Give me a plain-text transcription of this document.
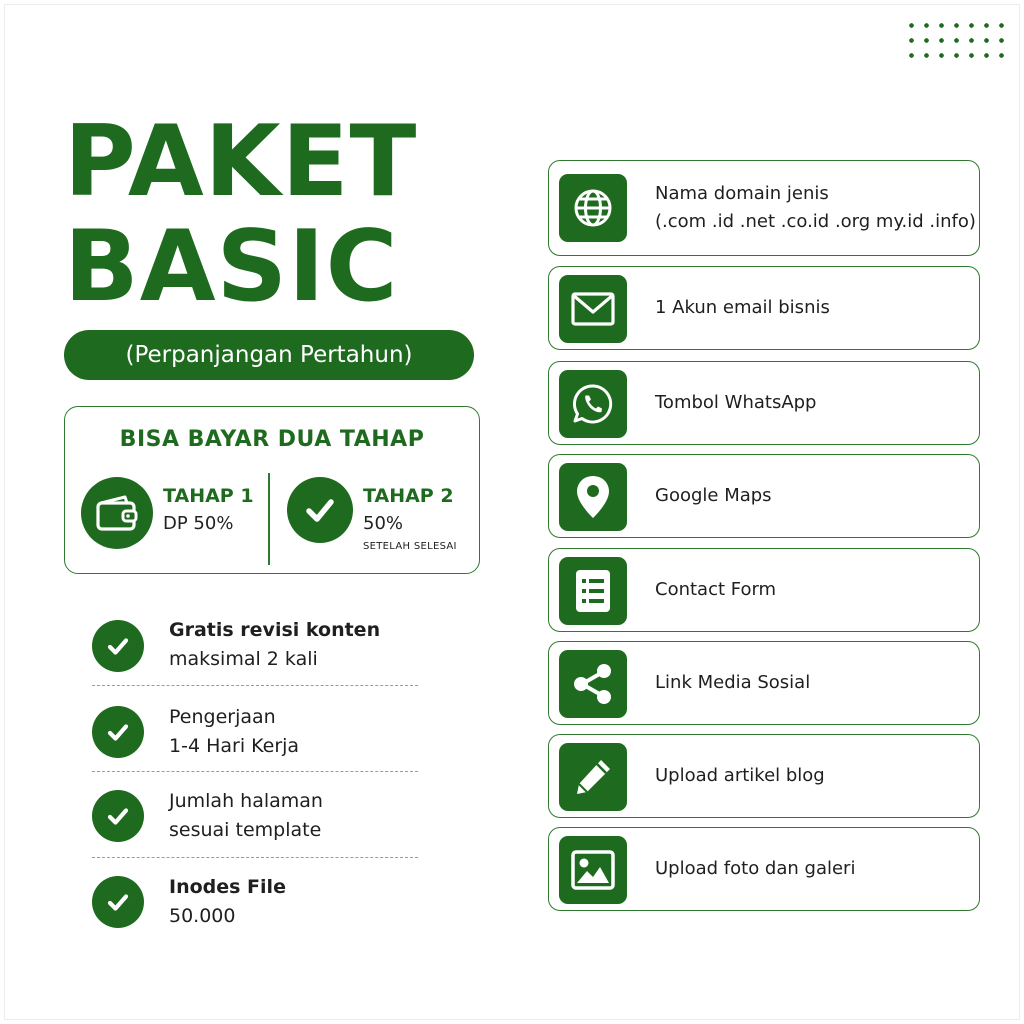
PAKET
BASIC
(Perpanjangan Pertahun)
BISA BAYAR DUA TAHAP
TAHAP 1
DP 50%
TAHAP 2
50%
SETELAH SELESAI
Gratis revisi konten
maksimal 2 kali
Pengerjaan
1-4 Hari Kerja
Jumlah halaman
sesuai template
Inodes File
50.000
Nama domain jenis
(.com .id .net .co.id .org my.id .info)
1 Akun email bisnis
Tombol WhatsApp
Google Maps
Contact Form
Link Media Sosial
Upload artikel blog
Upload foto dan galeri
